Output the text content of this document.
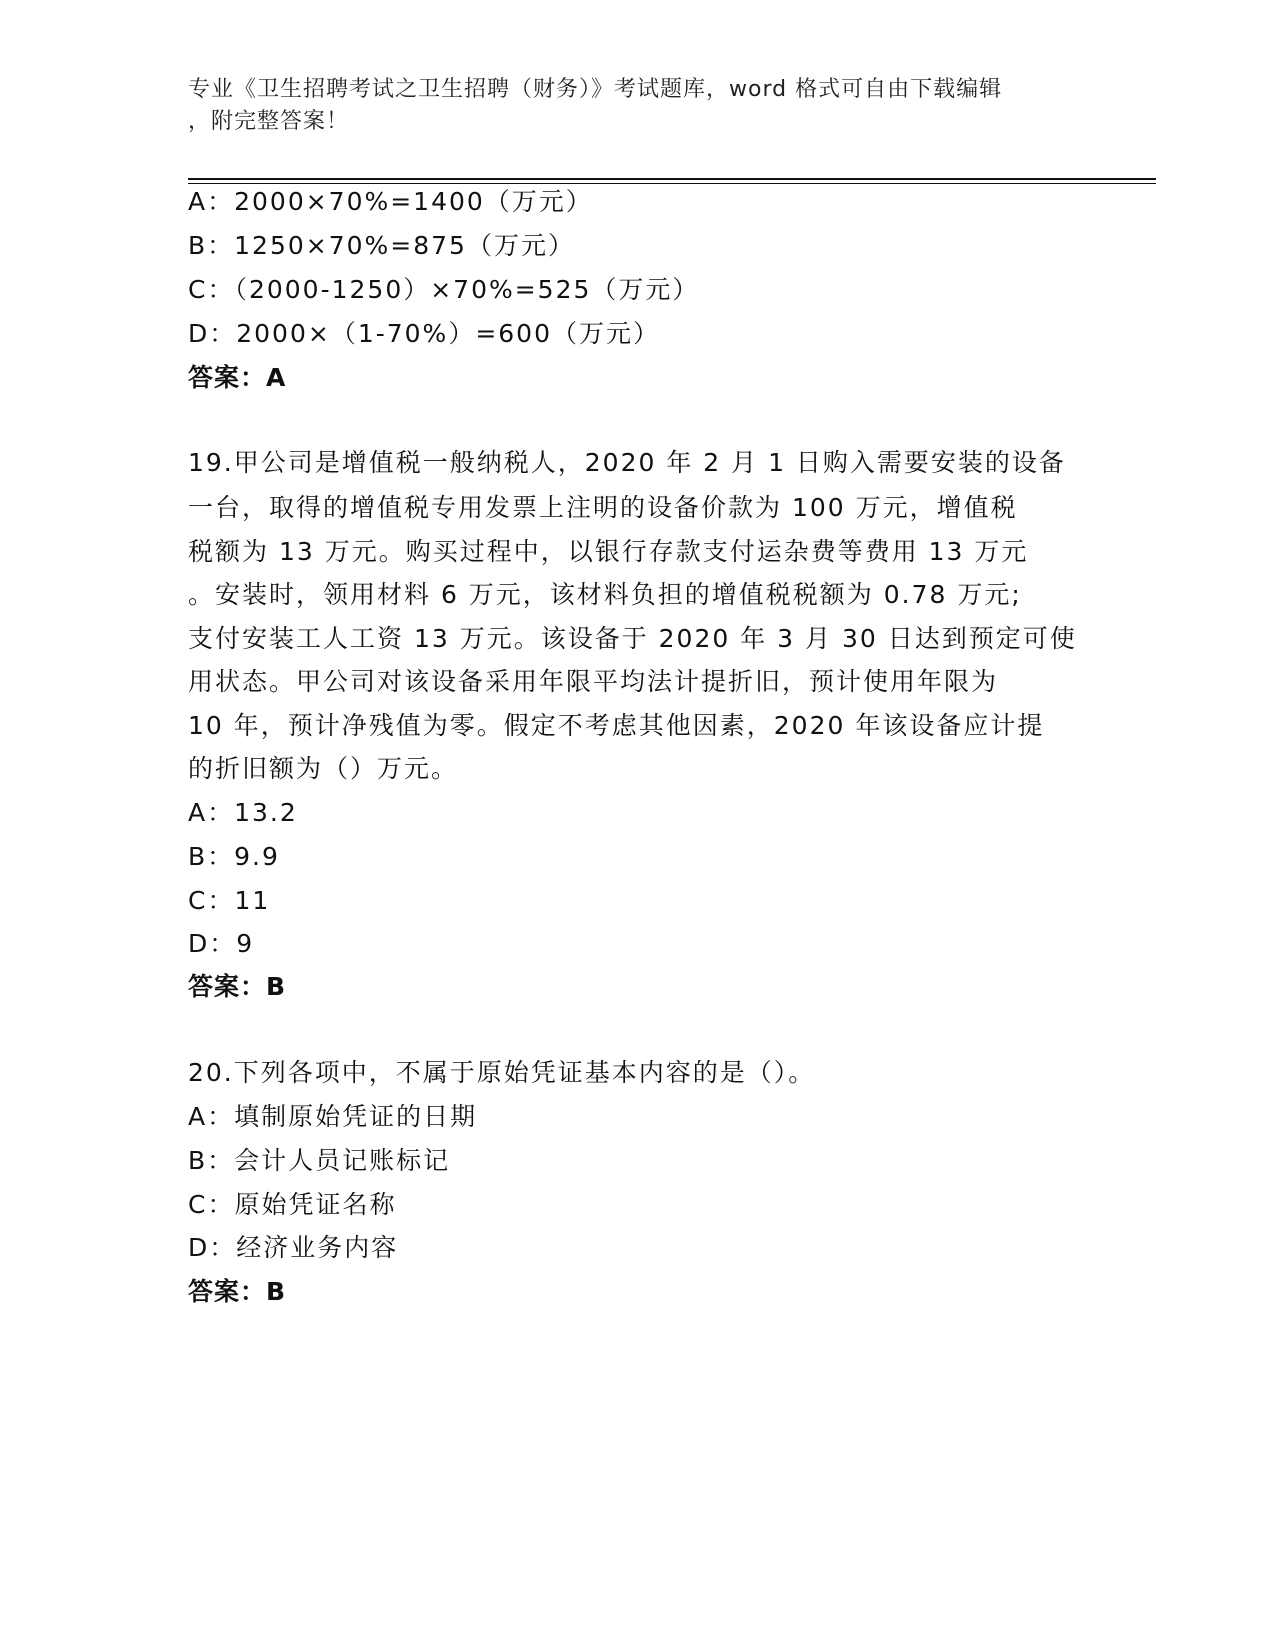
专业《卫生招聘考试之卫生招聘（财务）》考试题库，word 格式可自由下载编辑
，附完整答案！
A：2000×70%=1400（万元）
B：1250×70%=875（万元）
C：（2000-1250）×70%=525（万元）
D：2000×（1-70%）=600（万元）
答案：A
19.甲公司是增值税一般纳税人，2020 年 2 月 1 日购入需要安装的设备
一台，取得的增值税专用发票上注明的设备价款为 100 万元，增值税
税额为 13 万元。购买过程中，以银行存款支付运杂费等费用 13 万元
。安装时，领用材料 6 万元，该材料负担的增值税税额为 0.78 万元;
支付安装工人工资 13 万元。该设备于 2020 年 3 月 30 日达到预定可使
用状态。甲公司对该设备采用年限平均法计提折旧，预计使用年限为
10 年，预计净残值为零。假定不考虑其他因素，2020 年该设备应计提
的折旧额为（）万元。
A：13.2
B：9.9
C：11
D：9
答案：B
20.下列各项中，不属于原始凭证基本内容的是（）。
A：填制原始凭证的日期
B：会计人员记账标记
C：原始凭证名称
D：经济业务内容
答案：B
